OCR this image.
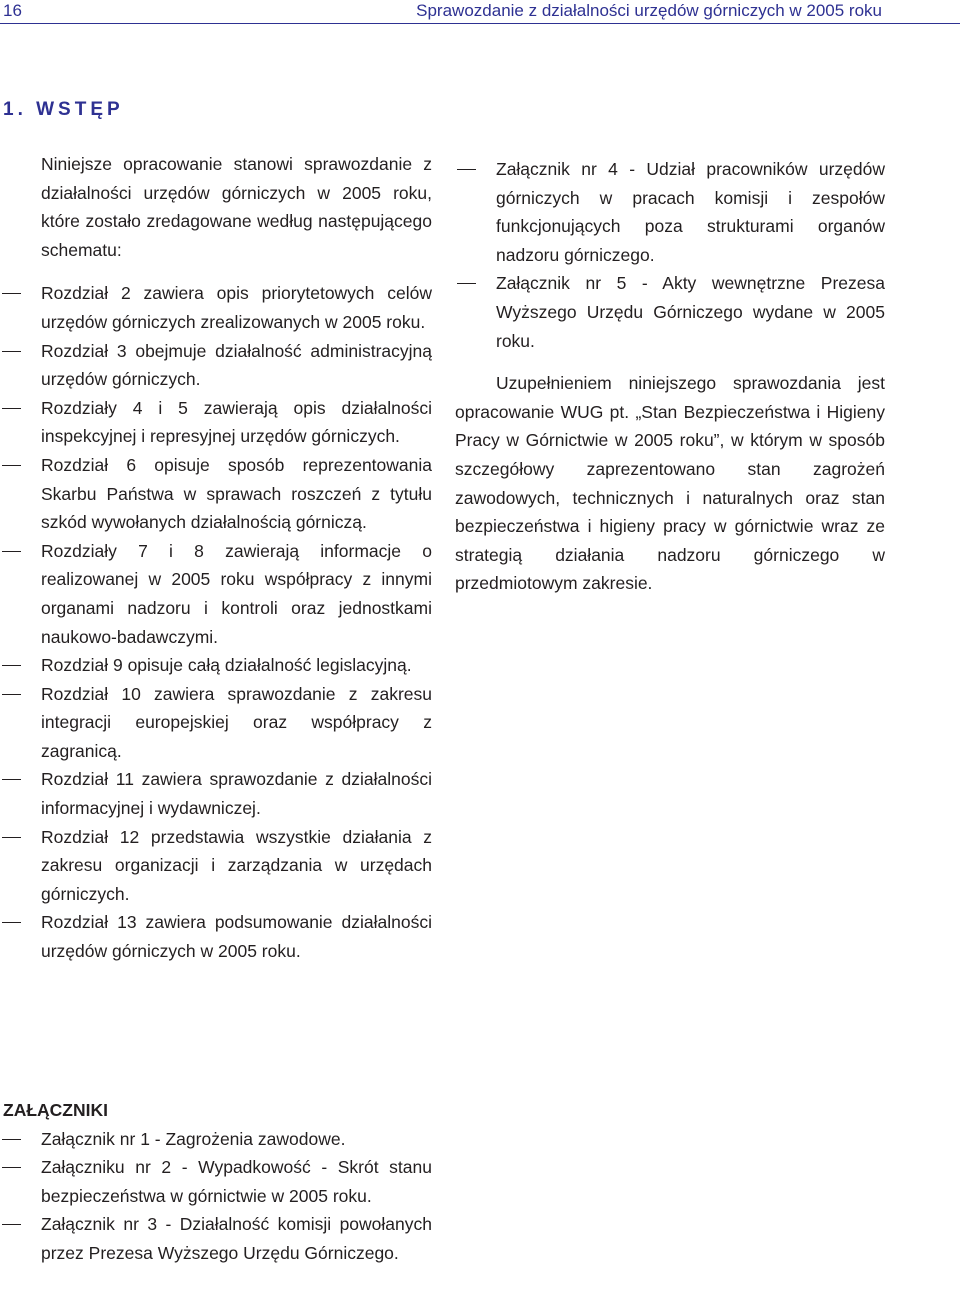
16	Sprawozdanie z działalności urzędów górniczych w 2005 roku
1. WSTĘP

Niniejsze opracowanie stanowi sprawozdanie z działalności urzędów górniczych w 2005 roku, które zostało zredagowane według następującego schematu:

Rozdział 2 zawiera opis priorytetowych celów urzędów górniczych zrealizowanych w 2005 roku.
Rozdział 3 obejmuje działalność administracyjną urzędów górniczych.
Rozdziały 4 i 5 zawierają opis działalności inspekcyjnej i represyjnej urzędów górniczych.
Rozdział 6 opisuje sposób reprezentowania Skarbu Państwa w sprawach roszczeń z tytułu szkód wywołanych działalnością górniczą.
Rozdziały 7 i 8 zawierają informacje o realizowanej w 2005 roku współpracy z innymi organami nadzoru i kontroli oraz jednostkami naukowo-badawczymi.
Rozdział 9 opisuje całą działalność legislacyjną.
Rozdział 10 zawiera sprawozdanie z zakresu integracji europejskiej oraz współpracy z zagranicą.
Rozdział 11 zawiera sprawozdanie z działalności informacyjnej i wydawniczej.
Rozdział 12 przedstawia wszystkie działania z zakresu organizacji i zarządzania w urzędach górniczych.
Rozdział 13 zawiera podsumowanie działalności urzędów górniczych w 2005 roku.
ZAŁĄCZNIKI
Załącznik nr 1 - Zagrożenia zawodowe.
Załączniku nr 2 - Wypadkowość - Skrót stanu bezpieczeństwa w górnictwie w 2005 roku.
Załącznik nr 3 - Działalność komisji powołanych przez Prezesa Wyższego Urzędu Górniczego.
Załącznik nr 4 - Udział pracowników urzędów górniczych w pracach komisji i zespołów funkcjonujących poza strukturami organów nadzoru górniczego.
Załącznik nr 5 - Akty wewnętrzne Prezesa Wyższego Urzędu Górniczego wydane w 2005 roku.

Uzupełnieniem niniejszego sprawozdania jest opracowanie WUG pt. „Stan Bezpieczeństwa i Higieny Pracy w Górnictwie w 2005 roku”, w którym w sposób szczegółowy zaprezentowano stan zagrożeń zawodowych, technicznych i naturalnych oraz stan bezpieczeństwa i higieny pracy w górnictwie wraz ze strategią działania nadzoru górniczego w przedmiotowym zakresie.
